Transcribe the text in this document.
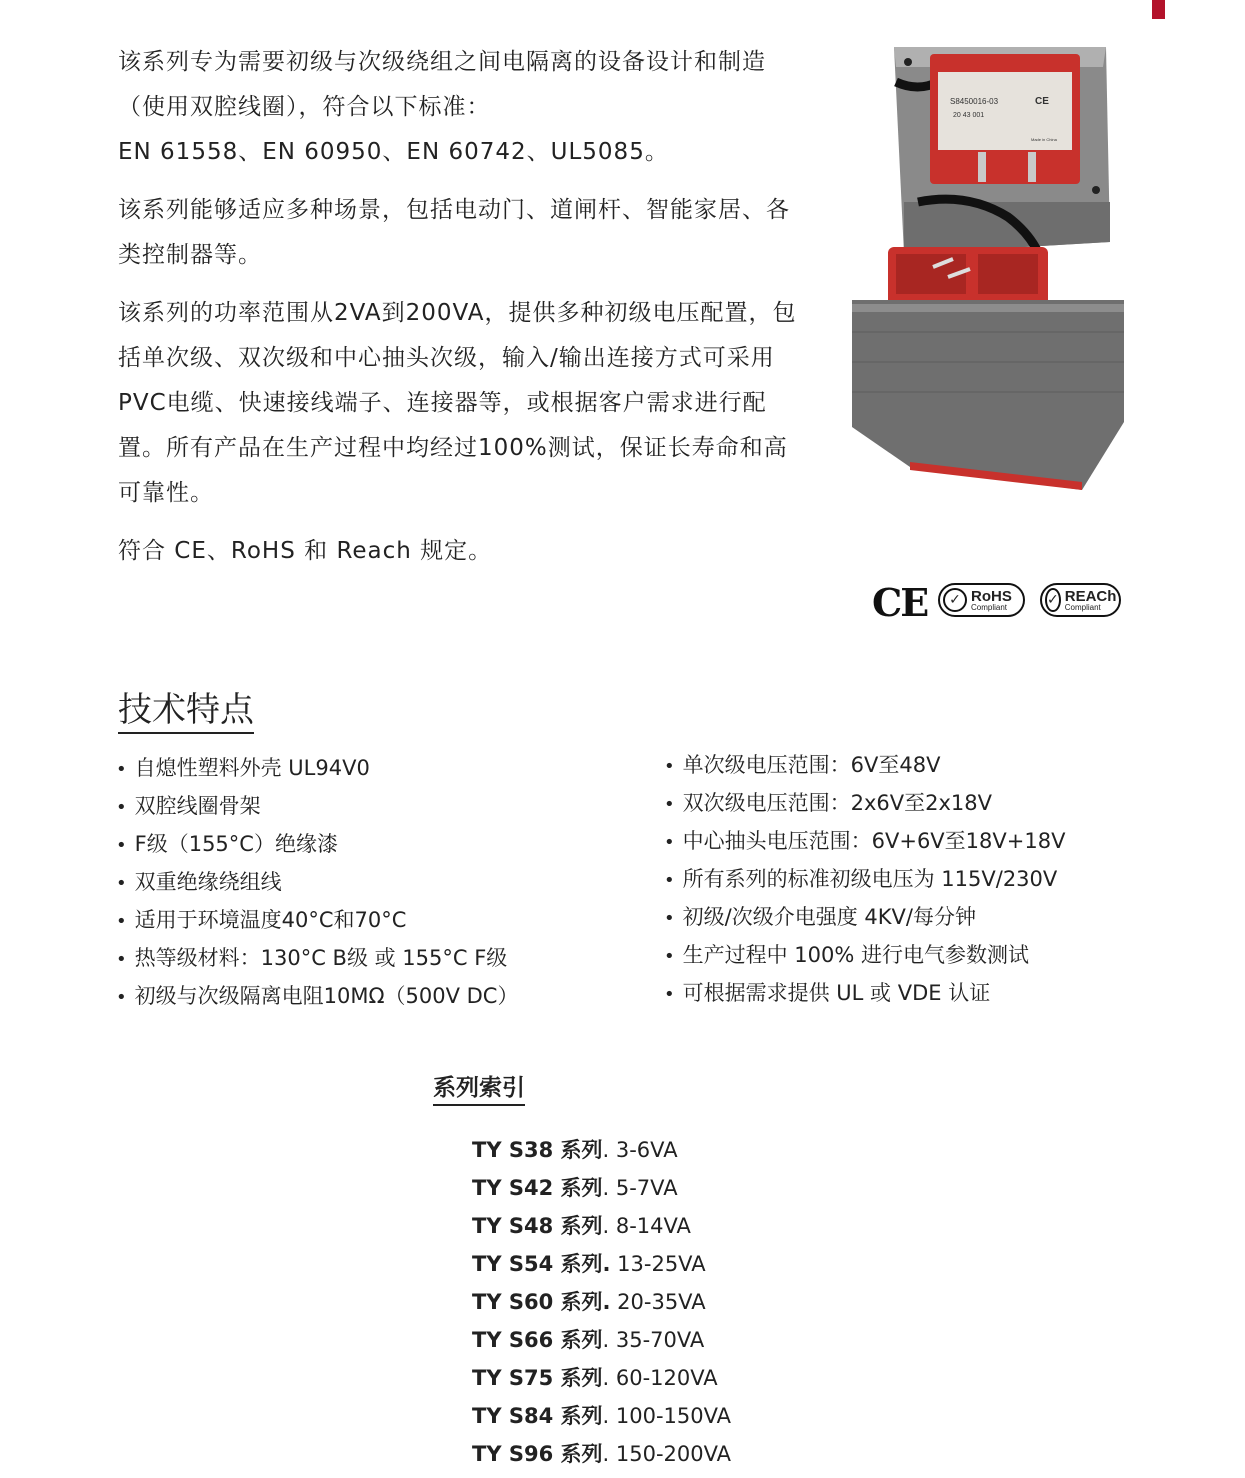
该系列专为需要初级与次级绕组之间电隔离的设备设计和制造（使用双腔线圈），符合以下标准：

EN 61558、EN 60950、EN 60742、UL5085。

该系列能够适应多种场景，包括电动门、道闸杆、智能家居、各类控制器等。

该系列的功率范围从2VA到200VA，提供多种初级电压配置，包括单次级、双次级和中心抽头次级，输入/输出连接方式可采用PVC电缆、快速接线端子、连接器等，或根据客户需求进行配置。所有产品在生产过程中均经过100%测试，保证长寿命和高可靠性。

符合 CE、RoHS 和 Reach 规定。

S8450016-03
20 43 001
CE
Made in China
CE	✓ RoHS
Compliant	✓ REACh
Compliant
技术特点
• 自熄性塑料外壳 UL94V0
• 双腔线圈骨架
• F级（155°C）绝缘漆
• 双重绝缘绕组线
• 适用于环境温度40°C和70°C
• 热等级材料：130°C B级 或 155°C F级
• 初级与次级隔离电阻10MΩ（500V DC）
• 单次级电压范围：6V至48V
• 双次级电压范围：2x6V至2x18V
• 中心抽头电压范围：6V+6V至18V+18V
• 所有系列的标准初级电压为 115V/230V
• 初级/次级介电强度 4KV/每分钟
• 生产过程中 100% 进行电气参数测试
• 可根据需求提供 UL 或 VDE 认证
系列索引
TY S38 系列. 3-6VA
TY S42 系列. 5-7VA
TY S48 系列. 8-14VA
TY S54 系列. 13-25VA
TY S60 系列. 20-35VA
TY S66 系列. 35-70VA
TY S75 系列. 60-120VA
TY S84 系列. 100-150VA
TY S96 系列. 150-200VA
